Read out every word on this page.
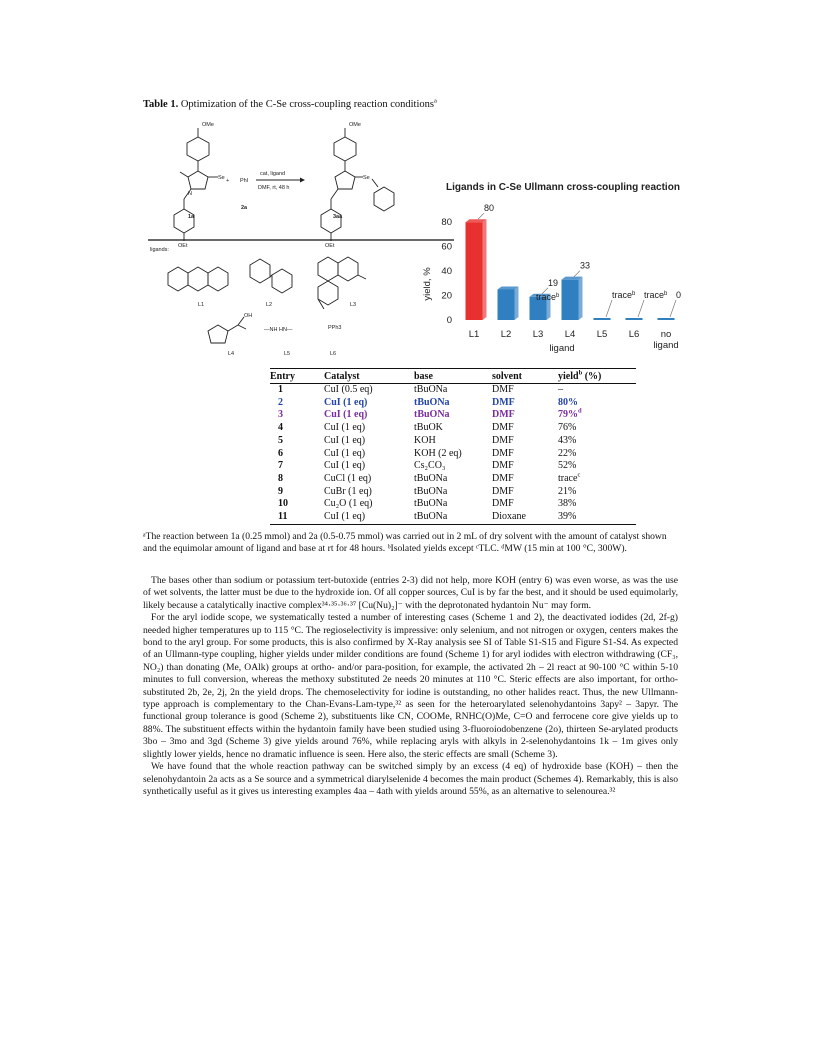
Table 1. Optimization of the C-Se cross-coupling reaction conditions$^a$
OMe
Se
N
OEt
+ PhI
cat, ligand
DMF, rt, 48 h
1a
2a
OMe
Se
OEt
3aa
ligands:
L1	L2	L3
OH
L4
—NH HN—
L5
PPh3
L6
Ligands in C-Se Ullmann cross-coupling reaction
yield, %
ligand
0
20
40
60
80
80
19
33
trace$^b$ trace$^b$ 0
trace$^b$
L1 L2 L3 L4 L5 L6 no
ligand
Entry	Catalyst	base	solvent	yield$^b$ (%)
1	CuI (0.5 eq)	tBuONa	DMF	–
2	CuI (1 eq)	tBuONa	DMF	80%
3	CuI (1 eq)	tBuONa	DMF	79%$^d$
4	CuI (1 eq)	tBuOK	DMF	76%
5	CuI (1 eq)	KOH	DMF	43%
6	CuI (1 eq)	KOH (2 eq)	DMF	22%
7	CuI (1 eq)	Cs₂CO₃	DMF	52%
8	CuCl (1 eq)	tBuONa	DMF	trace$^c$
9	CuBr (1 eq)	tBuONa	DMF	21%
10	Cu₂O (1 eq)	tBuONa	DMF	38%
11	CuI (1 eq)	tBuONa	Dioxane	39%
ᵃThe reaction between 1a (0.25 mmol) and 2a (0.5-0.75 mmol) was carried out in 2 mL of dry solvent with the amount of catalyst shown and the equimolar amount of ligand and base at rt for 48 hours. ᵇIsolated yields except ᶜTLC. ᵈMW (15 min at 100 °C, 300W).

The bases other than sodium or potassium tert-butoxide (entries 2-3) did not help, more KOH (entry 6) was even worse, as was the use of wet solvents, the latter must be due to the hydroxide ion. Of all copper sources, CuI is by far the best, and it should be used equimolarly, likely because a catalytically inactive complex³⁴·³⁵·³⁶·³⁷ [Cu(Nu)₂]⁻ with the deprotonated hydantoin Nu⁻ may form.

For the aryl iodide scope, we systematically tested a number of interesting cases (Scheme 1 and 2), the deactivated iodides (2d, 2f-g) needed higher temperatures up to 115 °C. The regioselectivity is impressive: only selenium, and not nitrogen or oxygen, centers makes the bond to the aryl group. For some products, this is also confirmed by X-Ray analysis see SI of Table S1-S15 and Figure S1-S4. As expected of an Ullmann-type coupling, higher yields under milder conditions are found (Scheme 1) for aryl iodides with electron withdrawing (CF₃, NO₂) than donating (Me, OAlk) groups at ortho- and/or para-position, for example, the activated 2h – 2l react at 90-100 °C within 5-10 minutes to full conversion, whereas the methoxy substituted 2e needs 20 minutes at 110 °C. Steric effects are also important, for ortho-substituted 2b, 2e, 2j, 2n the yield drops. The chemoselectivity for iodine is outstanding, no other halides react. Thus, the new Ullmann-type approach is complementary to the Chan-Evans-Lam-type,³² as seen for the heteroarylated selenohydantoins 3apy² – 3apyr. The functional group tolerance is good (Scheme 2), substituents like CN, COOMe, RNHC(O)Me, C=O and ferrocene core give yields up to 88%. The substituent effects within the hydantoin family have been studied using 3-fluoroiodobenzene (2o), thirteen Se-arylated products 3bo – 3mo and 3gd (Scheme 3) give yields around 76%, while replacing aryls with alkyls in 2-selenohydantoins 1k – 1m gives only slightly lower yields, hence no dramatic influence is seen. Here also, the steric effects are small (Scheme 3).

We have found that the whole reaction pathway can be switched simply by an excess (4 eq) of hydroxide base (KOH) – then the selenohydantoin 2a acts as a Se source and a symmetrical diarylselenide 4 becomes the main product (Schemes 4). Remarkably, this is also synthetically useful as it gives us interesting examples 4aa – 4ath with yields around 55%, as an alternative to selenourea.³²
